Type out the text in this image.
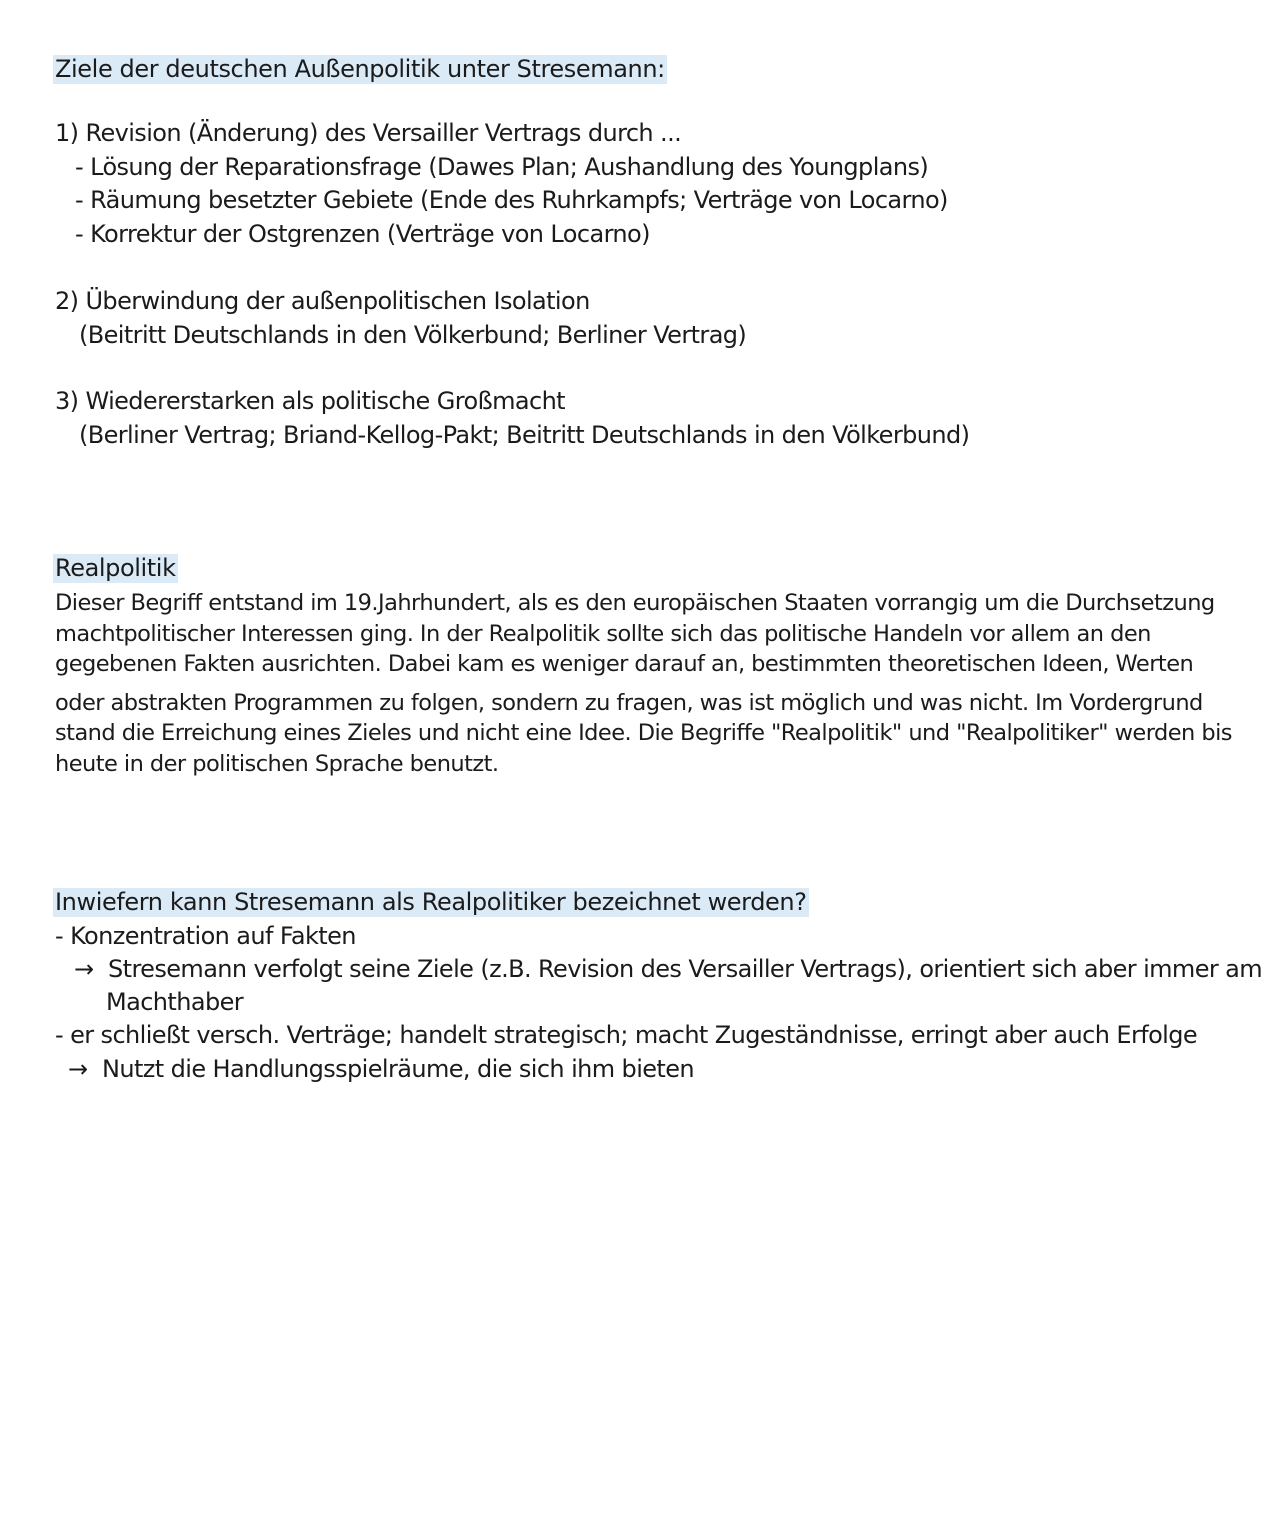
Ziele der deutschen Außenpolitik unter Stresemann:
1) Revision (Änderung) des Versailler Vertrags durch ...
- Lösung der Reparationsfrage (Dawes Plan; Aushandlung des Youngplans)
- Räumung besetzter Gebiete (Ende des Ruhrkampfs; Verträge von Locarno)
- Korrektur der Ostgrenzen (Verträge von Locarno)
2) Überwindung der außenpolitischen Isolation
(Beitritt Deutschlands in den Völkerbund; Berliner Vertrag)
3) Wiedererstarken als politische Großmacht
(Berliner Vertrag; Briand-Kellog-Pakt; Beitritt Deutschlands in den Völkerbund)
Realpolitik
Dieser Begriff entstand im 19.Jahrhundert, als es den europäischen Staaten vorrangig um die Durchsetzung
machtpolitischer Interessen ging. In der Realpolitik sollte sich das politische Handeln vor allem an den
gegebenen Fakten ausrichten. Dabei kam es weniger darauf an, bestimmten theoretischen Ideen, Werten
oder abstrakten Programmen zu folgen, sondern zu fragen, was ist möglich und was nicht. Im Vordergrund
stand die Erreichung eines Zieles und nicht eine Idee. Die Begriffe "Realpolitik" und "Realpolitiker" werden bis
heute in der politischen Sprache benutzt.
Inwiefern kann Stresemann als Realpolitiker bezeichnet werden?
- Konzentration auf Fakten
→ Stresemann verfolgt seine Ziele (z.B. Revision des Versailler Vertrags), orientiert sich aber immer am
Machthaber
- er schließt versch. Verträge; handelt strategisch; macht Zugeständnisse, erringt aber auch Erfolge
→ Nutzt die Handlungsspielräume, die sich ihm bieten
